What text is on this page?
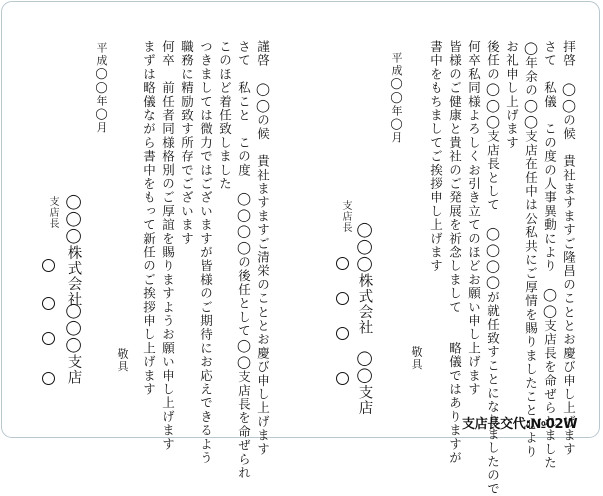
拝啓　◯◯の候　貴社ますますご隆昌のこととお慶び申し上げます
さて　私儀　この度の人事異動により　◯◯支店長を命ぜられました
◯年余の◯◯支店在任中は公私共にご厚情を賜りましたこと心より
お礼申し上げます
後任の◯◯◯支店長として　◯◯◯◯が就任致すことになりましたので
何卒私同様よろしくお引き立てのほどお願い申し上げます
皆様のご健康と貴社のご発展を祈念しまして　　略儀ではありますが
書中をもちましてご挨拶申し上げます
平成◯◯年◯月
支店長
◯◯◯株式会社　◯◯支店	敬具
謹啓　◯◯の候　貴社ますますご清栄のこととお慶び申し上げます
さて　私こと　この度　◯◯◯◯の後任として◯◯支店長を命ぜられ
このほど着任致しました
つきましては微力ではございますが皆様のご期待にお応えできるよう
職務に精励致す所存でございます
何卒　前任者同様格別のご厚誼を賜りますようお願い申し上げます
まずは略儀ながら書中をもって新任のご挨拶申し上げます
平成◯◯年◯月
支店長 ◯◯◯株式会社
◯◯◯支店	敬具
支店長交代:№02W
